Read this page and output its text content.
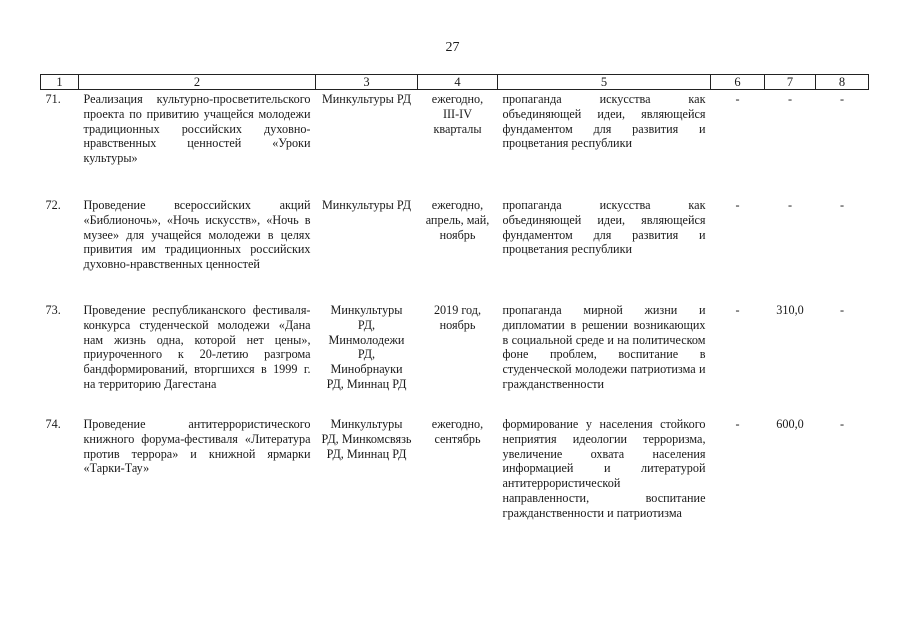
27
1	2	3	4	5	6	7	8
71.	Реализация культурно-просветительского проекта по привитию учащейся молодежи традиционных российских духовно-нравственных ценностей «Уроки культуры»	Минкультуры РД	ежегодно, III-IV кварталы	пропаганда искусства как объединяющей идеи, являющейся фундаментом для развития и процветания республики	-	-	-
72.	Проведение всероссийских акций «Библионочь», «Ночь искусств», «Ночь в музее» для учащейся молодежи в целях привития им традиционных российских духовно-нравственных ценностей	Минкультуры РД	ежегодно, апрель, май, ноябрь	пропаганда искусства как объединяющей идеи, являющейся фундаментом для развития и процветания республики	-	-	-
73.	Проведение республиканского фестиваля-конкурса студенческой молодежи «Дана нам жизнь одна, которой нет цены», приуроченного к 20-летию разгрома бандформирований, вторгшихся в 1999 г. на территорию Дагестана	Минкультуры РД, Минмолодежи РД, Минобрнауки РД, Миннац РД	2019 год, ноябрь	пропаганда мирной жизни и дипломатии в решении возникающих в социальной среде и на политическом фоне проблем, воспитание в студенческой молодежи патриотизма и гражданственности	-	310,0	-
74.	Проведение антитеррористического книжного форума-фестиваля «Литература против террора» и книжной ярмарки «Тарки-Тау»	Минкультуры РД, Минкомсвязь РД, Миннац РД	ежегодно, сентябрь	формирование у населения стойкого неприятия идеологии терроризма, увеличение охвата населения информацией и литературой антитеррористической направленности, воспитание гражданственности и патриотизма	-	600,0	-
